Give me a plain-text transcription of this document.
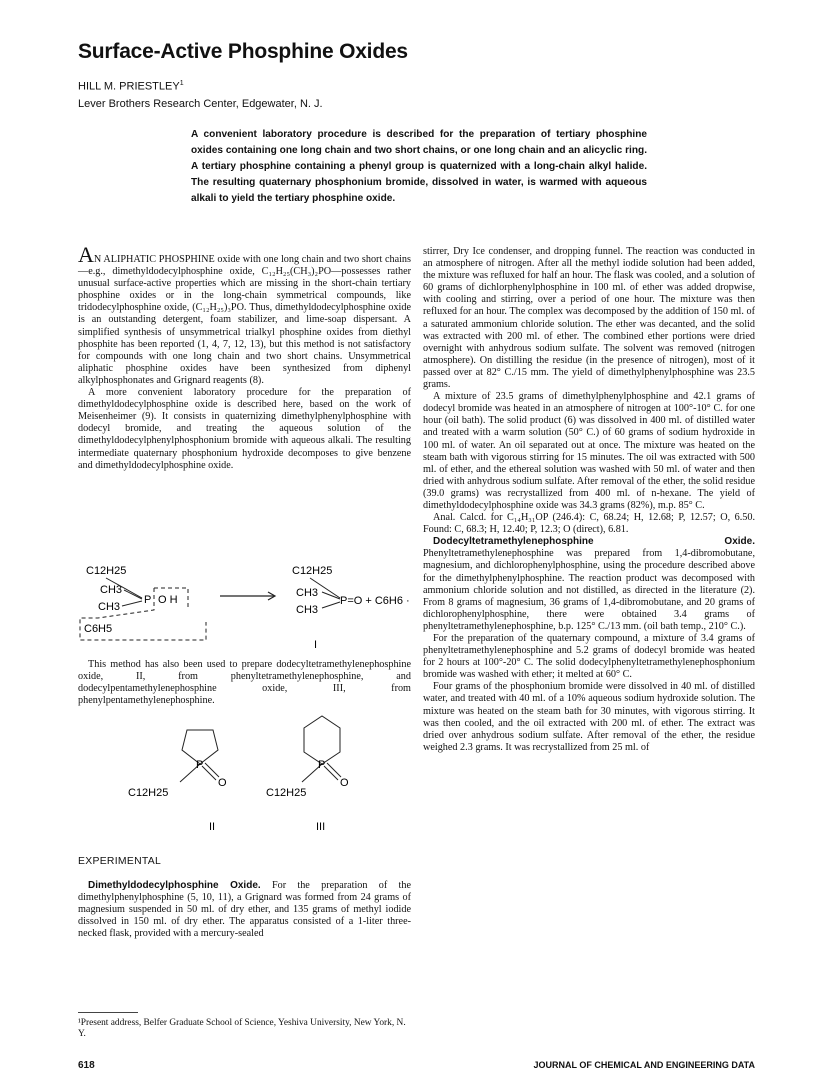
Surface-Active Phosphine Oxides
HILL M. PRIESTLEY$^1$
Lever Brothers Research Center, Edgewater, N. J.
A convenient laboratory procedure is described for the preparation of tertiary phosphine oxides containing one long chain and two short chains, or one long chain and an alicyclic ring. A tertiary phosphine containing a phenyl group is quaternized with a long-chain alkyl halide. The resulting quaternary phosphonium bromide, dissolved in water, is warmed with aqueous alkali to yield the tertiary phosphine oxide.

AN ALIPHATIC PHOSPHINE oxide with one long chain and two short chains—e.g., dimethyldodecylphosphine oxide, C₁₂H₂₅(CH₃)₂PO—possesses rather unusual surface-active properties which are missing in the short-chain tertiary phosphine oxides or in the long-chain symmetrical compounds, like tridodecylphosphine oxide, (C₁₂H₂₅)₃PO. Thus, dimethyldodecylphosphine oxide is an outstanding detergent, foam stabilizer, and lime-soap dispersant. A simplified synthesis of unsymmetrical trialkyl phosphine oxides from diethyl phosphite has been reported (1, 4, 7, 12, 13), but this method is not satisfactory for compounds with one long chain and two short chains. Unsymmetrical aliphatic phosphine oxides have been synthesized from diphenyl alkylphosphonates and Grignard reagents (8).

A more convenient laboratory procedure for the preparation of dimethyldodecylphosphine oxide is described here, based on the work of Meisenheimer (9). It consists in quaternizing dimethylphenylphosphine with dodecyl bromide, and treating the aqueous solution of the dimethyldodecylphenylphosphonium bromide with aqueous alkali. The resulting intermediate quaternary phosphonium hydroxide decomposes to give benzene and dimethyldodecylphosphine oxide.

C12H25
CH3
CH3
P O H
C6H5
C12H25
CH3
CH3
P=O + C6H6 ·
I

This method has also been used to prepare dodecyltetramethylenephosphine oxide, II, from phenyltetramethylenephosphine, and dodecylpentamethylenephosphine oxide, III, from phenylpentamethylenephosphine.

P
O
C12H25
II
P
O
C12H25
III
EXPERIMENTAL

Dimethyldodecylphosphine Oxide. For the preparation of the dimethylphenylphosphine (5, 10, 11), a Grignard was formed from 24 grams of magnesium suspended in 50 ml. of dry ether, and 135 grams of methyl iodide dissolved in 150 ml. of dry ether. The apparatus consisted of a 1-liter three-necked flask, provided with a mercury-sealed

¹Present address, Belfer Graduate School of Science, Yeshiva University, New York, N. Y.

stirrer, Dry Ice condenser, and dropping funnel. The reaction was conducted in an atmosphere of nitrogen. After all the methyl iodide solution had been added, the mixture was refluxed for half an hour. The flask was cooled, and a solution of 60 grams of dichlorphenylphosphine in 100 ml. of ether was added dropwise, with cooling and stirring, over a period of one hour. The mixture was then refluxed for an hour. The complex was decomposed by the addition of 150 ml. of a saturated ammonium chloride solution. The ether was decanted, and the solid was extracted with 200 ml. of ether. The combined ether portions were dried overnight with anhydrous sodium sulfate. The solvent was removed (nitrogen atmosphere). On distilling the residue (in the presence of nitrogen), most of it passed over at 82° C./15 mm. The yield of dimethylphenylphosphine was 23.5 grams.

A mixture of 23.5 grams of dimethylphenylphosphine and 42.1 grams of dodecyl bromide was heated in an atmosphere of nitrogen at 100°-10° C. for one hour (oil bath). The solid product (6) was dissolved in 400 ml. of distilled water and treated with a warm solution (50° C.) of 60 grams of sodium hydroxide in 100 ml. of water. An oil separated out at once. The mixture was heated on the steam bath with vigorous stirring for 15 minutes. The oil was extracted with 500 ml. of ether, and the ethereal solution was washed with 50 ml. of water and then dried with anhydrous sodium sulfate. After removal of the ether, the solid residue (39.0 grams) was recrystallized from 400 ml. of n-hexane. The yield of dimethyldodecylphosphine oxide was 34.3 grams (82%), m.p. 85° C.

Anal. Calcd. for C₁₄H₃₁OP (246.4): C, 68.24; H, 12.68; P, 12.57; O, 6.50. Found: C, 68.3; H, 12.40; P, 12.3; O (direct), 6.81.

Dodecyltetramethylenephosphine Oxide. Phenyltetramethylenephosphine was prepared from 1,4-dibromobutane, magnesium, and dichlorophenylphosphine, using the procedure described above for the dimethylphenylphosphine. The reaction product was decomposed with ammonium chloride solution and not distilled, as directed in the literature (2). From 8 grams of magnesium, 36 grams of 1,4-dibromobutane, and 20 grams of dichlorophenylphosphine, there were obtained 3.4 grams of phenyltetramethylenephosphine, b.p. 125° C./13 mm. (oil bath temp., 210° C.).

For the preparation of the quaternary compound, a mixture of 3.4 grams of phenyltetramethylenephosphine and 5.2 grams of dodecyl bromide was heated for 2 hours at 100°-20° C. The solid dodecylphenyltetramethylenephosphonium bromide was washed with ether; it melted at 60° C.

Four grams of the phosphonium bromide were dissolved in 40 ml. of distilled water, and treated with 40 ml. of a 10% aqueous sodium hydroxide solution. The mixture was heated on the steam bath for 30 minutes, with vigorous stirring. It was then cooled, and the oil extracted with 200 ml. of ether. The extract was dried over anhydrous sodium sulfate. After removal of the ether, the residue weighed 2.3 grams. It was recrystallized from 25 ml. of

618	JOURNAL OF CHEMICAL AND ENGINEERING DATA
